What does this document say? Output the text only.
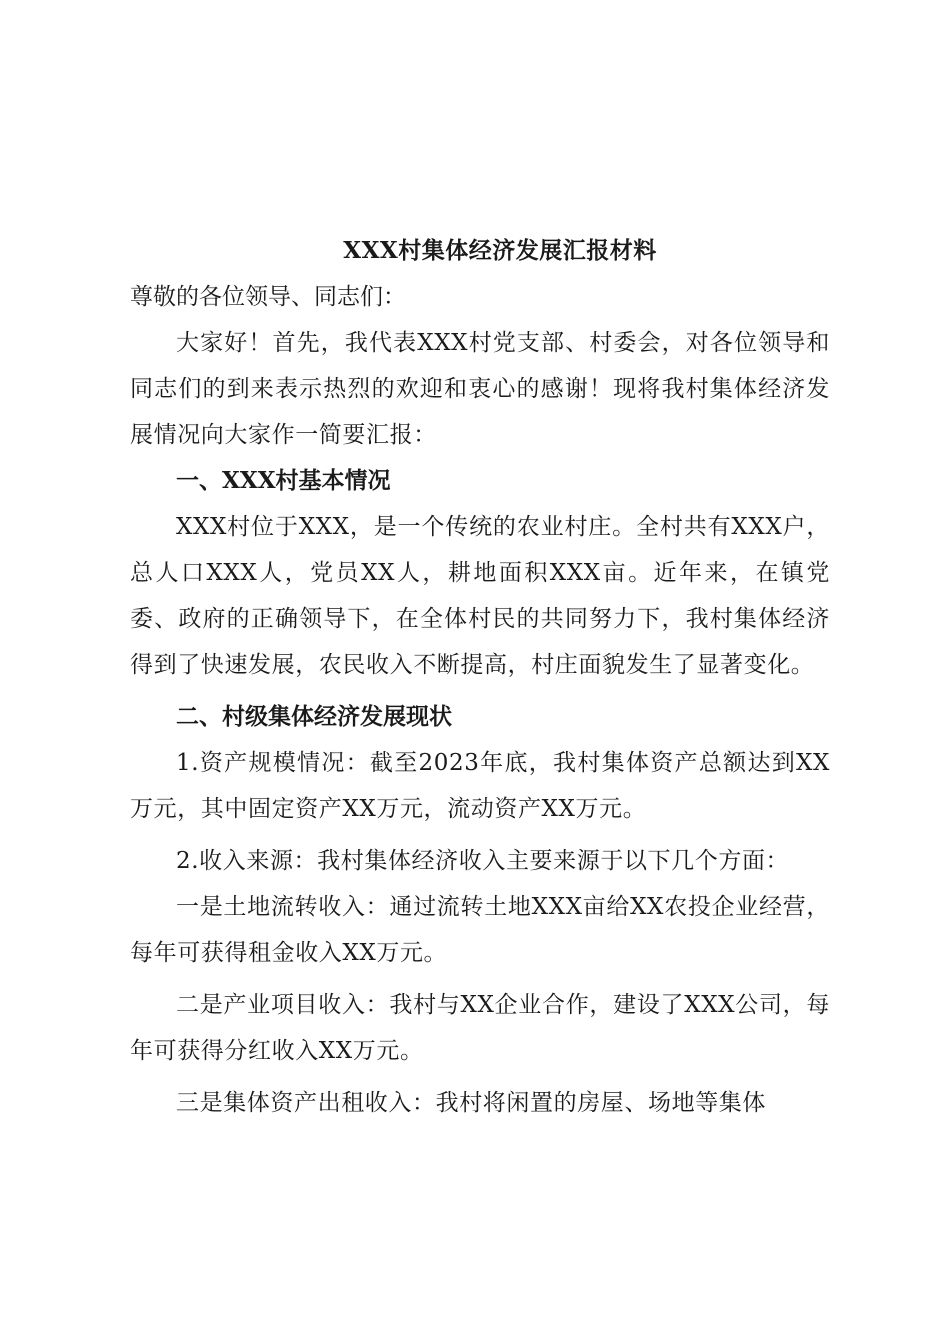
XXX村集体经济发展汇报材料

尊敬的各位领导、同志们：

大家好！首先，我代表XXX村党支部、村委会，对各位领导和同志们的到来表示热烈的欢迎和衷心的感谢！现将我村集体经济发展情况向大家作一简要汇报：

一、XXX村基本情况

XXX村位于XXX，是一个传统的农业村庄。全村共有XXX户，总人口XXX人，党员XX人，耕地面积XXX亩。近年来，在镇党委、政府的正确领导下，在全体村民的共同努力下，我村集体经济得到了快速发展，农民收入不断提高，村庄面貌发生了显著变化。

二、村级集体经济发展现状

1.资产规模情况：截至2023年底，我村集体资产总额达到XX万元，其中固定资产XX万元，流动资产XX万元。

2.收入来源：我村集体经济收入主要来源于以下几个方面：

一是土地流转收入：通过流转土地XXX亩给XX农投企业经营，每年可获得租金收入XX万元。

二是产业项目收入：我村与XX企业合作，建设了XXX公司，每年可获得分红收入XX万元。

三是集体资产出租收入：我村将闲置的房屋、场地等集体
